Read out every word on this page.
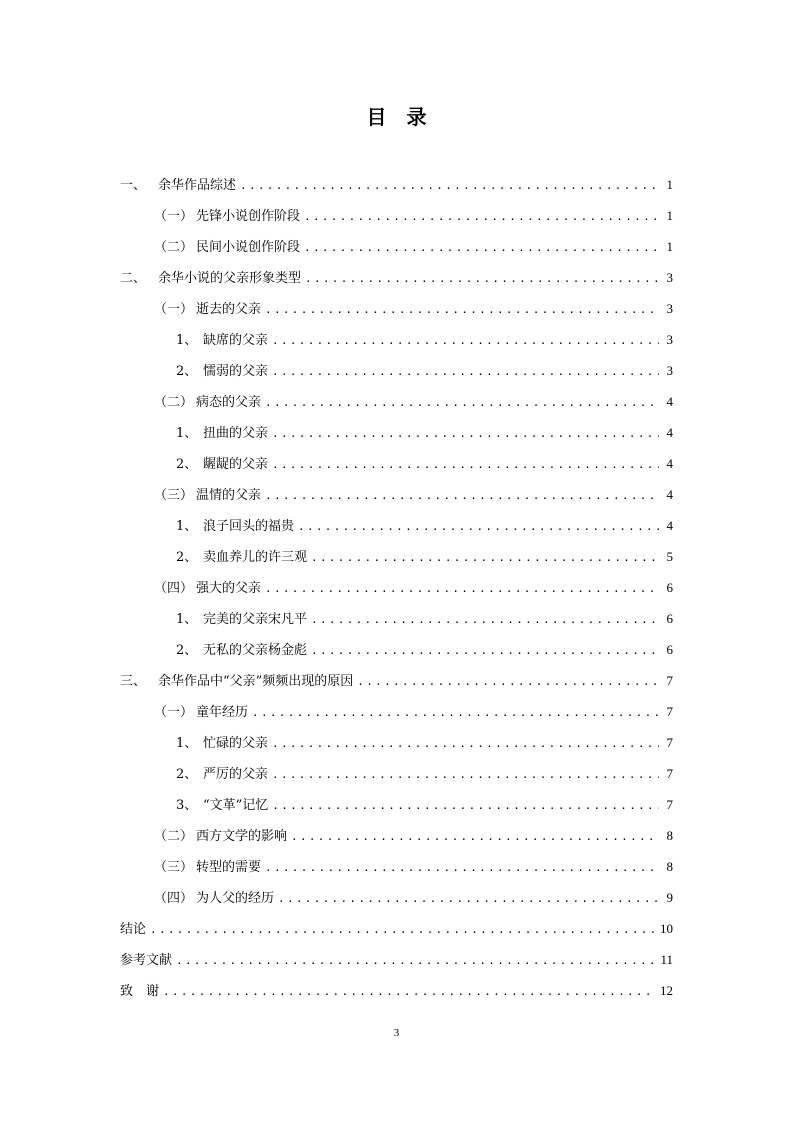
目 录
一、 余华作品综述 .....	1
（一） 先锋小说创作阶段 .....	1
（二） 民间小说创作阶段 .....	1
二、 余华小说的父亲形象类型 .....	3
（一） 逝去的父亲 .....	3
1、 缺席的父亲 .....	3
2、 懦弱的父亲 .....	3
（二） 病态的父亲 .....	4
1、 扭曲的父亲 .....	4
2、 龌龊的父亲 .....	4
（三） 温情的父亲 .....	4
1、 浪子回头的福贵 .....	4
2、 卖血养儿的许三观 .....	5
（四） 强大的父亲 .....	6
1、 完美的父亲宋凡平 .....	6
2、 无私的父亲杨金彪 .....	6
三、 余华作品中“父亲”频频出现的原因 .....	7
（一） 童年经历 .....	7
1、 忙碌的父亲 .....	7
2、 严厉的父亲 .....	7
3、 “文革”记忆 .....	7
（二） 西方文学的影响 .....	8
（三） 转型的需要 .....	8
（四） 为人父的经历 .....	9
结论 .....	10
参考文献 .....	11
致　谢 .....	12
3
